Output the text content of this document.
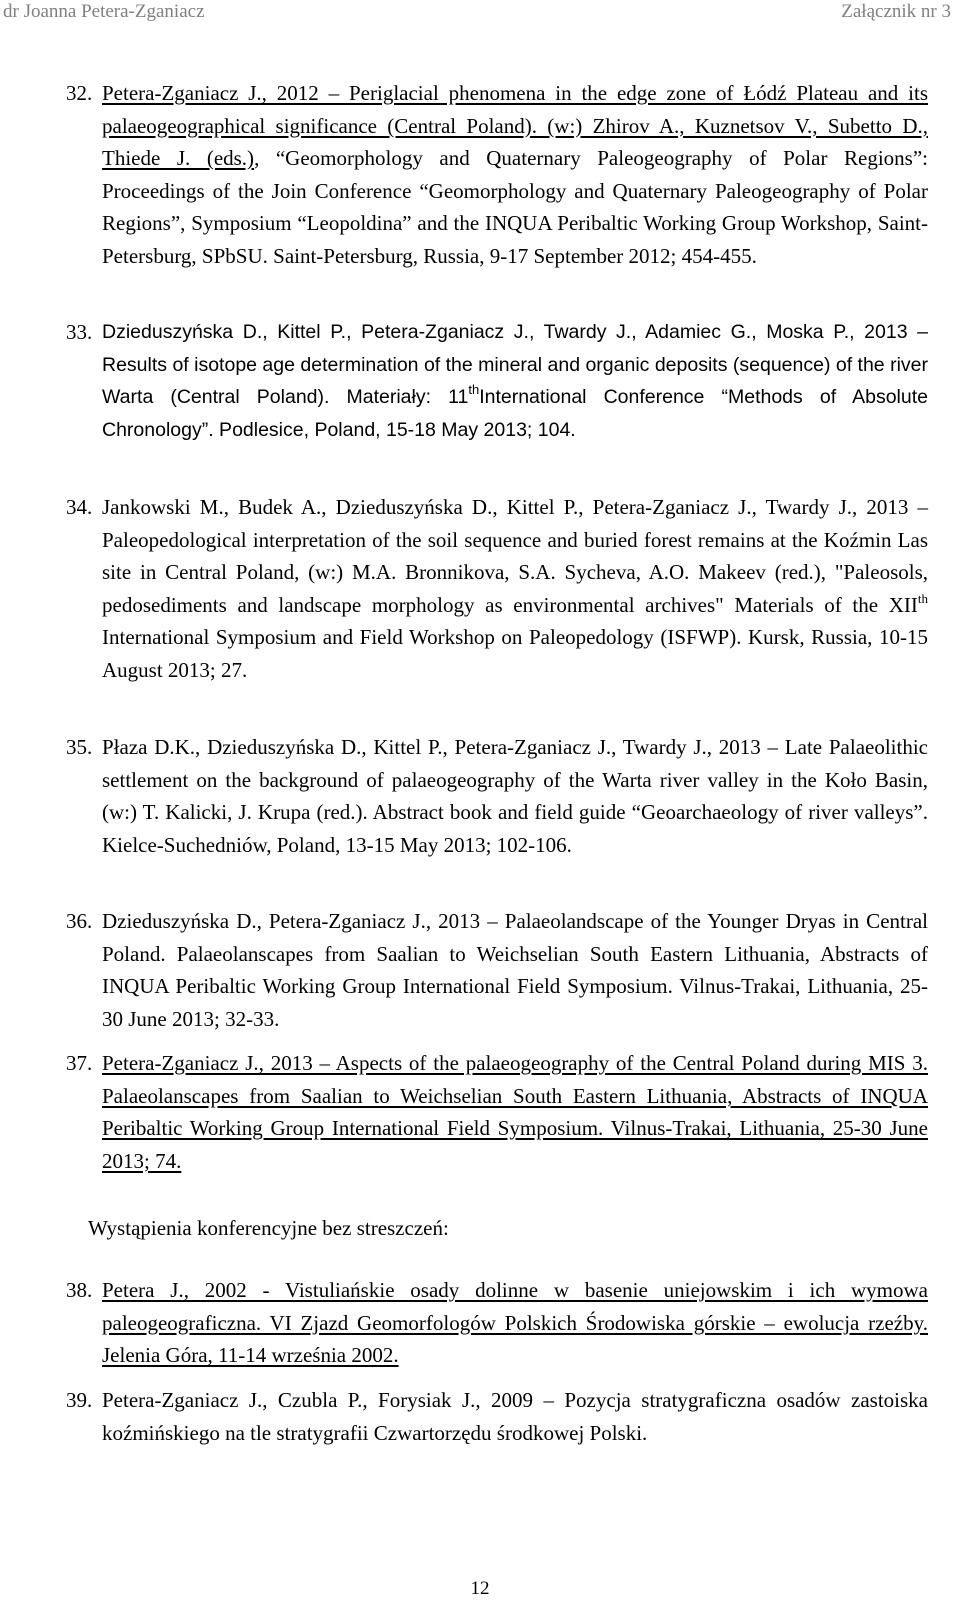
dr Joanna Petera-Zganiacz	Załącznik nr 3
32. Petera-Zganiacz J., 2012 – Periglacial phenomena in the edge zone of Łódź Plateau and its palaeogeographical significance (Central Poland). (w:) Zhirov A., Kuznetsov V., Subetto D., Thiede J. (eds.), “Geomorphology and Quaternary Paleogeography of Polar Regions”: Proceedings of the Join Conference “Geomorphology and Quaternary Paleogeography of Polar Regions”, Symposium “Leopoldina” and the INQUA Peribaltic Working Group Workshop, Saint-Petersburg, SPbSU. Saint-Petersburg, Russia, 9-17 September 2012; 454-455.
33. Dzieduszyńska D., Kittel P., Petera-Zganiacz J., Twardy J., Adamiec G., Moska P., 2013 – Results of isotope age determination of the mineral and organic deposits (sequence) of the river Warta (Central Poland). Materiały: 11thInternational Conference “Methods of Absolute Chronology”. Podlesice, Poland, 15-18 May 2013; 104.
34. Jankowski M., Budek A., Dzieduszyńska D., Kittel P., Petera-Zganiacz J., Twardy J., 2013 – Paleopedological interpretation of the soil sequence and buried forest remains at the Koźmin Las site in Central Poland, (w:) M.A. Bronnikova, S.A. Sycheva, A.O. Makeev (red.), "Paleosols, pedosediments and landscape morphology as environmental archives" Materials of the XIIth International Symposium and Field Workshop on Paleopedology (ISFWP). Kursk, Russia, 10-15 August 2013; 27.
35. Płaza D.K., Dzieduszyńska D., Kittel P., Petera-Zganiacz J., Twardy J., 2013 – Late Palaeolithic settlement on the background of palaeogeography of the Warta river valley in the Koło Basin, (w:) T. Kalicki, J. Krupa (red.). Abstract book and field guide “Geoarchaeology of river valleys”. Kielce-Suchedniów, Poland, 13-15 May 2013; 102-106.
36. Dzieduszyńska D., Petera-Zganiacz J., 2013 – Palaeolandscape of the Younger Dryas in Central Poland. Palaeolanscapes from Saalian to Weichselian South Eastern Lithuania, Abstracts of INQUA Peribaltic Working Group International Field Symposium. Vilnus-Trakai, Lithuania, 25-30 June 2013; 32-33.
37. Petera-Zganiacz J., 2013 – Aspects of the palaeogeography of the Central Poland during MIS 3. Palaeolanscapes from Saalian to Weichselian South Eastern Lithuania, Abstracts of INQUA Peribaltic Working Group International Field Symposium. Vilnus-Trakai, Lithuania, 25-30 June 2013; 74.
Wystąpienia konferencyjne bez streszczeń:
38. Petera J., 2002 - Vistuliańskie osady dolinne w basenie uniejowskim i ich wymowa paleogeograficzna. VI Zjazd Geomorfologów Polskich Środowiska górskie – ewolucja rzeźby. Jelenia Góra, 11-14 września 2002.
39. Petera-Zganiacz J., Czubla P., Forysiak J., 2009 – Pozycja stratygraficzna osadów zastoiska koźmińskiego na tle stratygrafii Czwartorzędu środkowej Polski.
12
